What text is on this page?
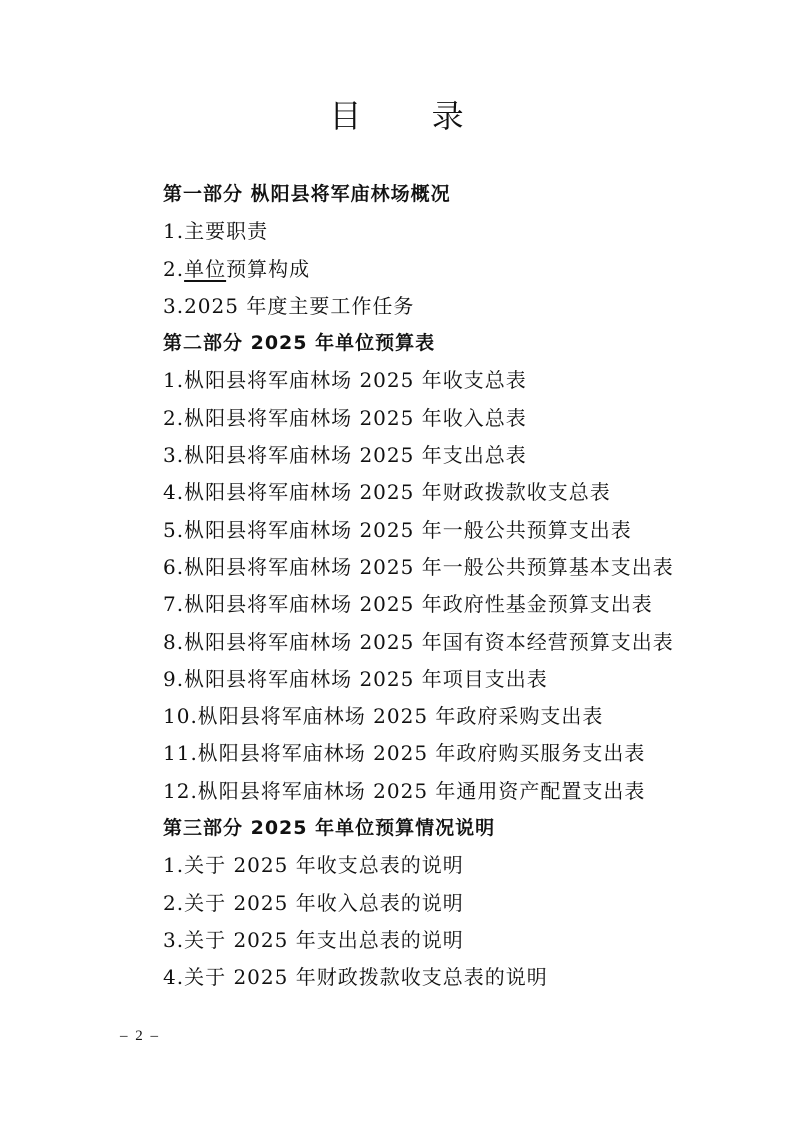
目 录
第一部分 枞阳县将军庙林场概况
1.主要职责
2.单位预算构成
3.2025 年度主要工作任务
第二部分 2025 年单位预算表
1.枞阳县将军庙林场 2025 年收支总表
2.枞阳县将军庙林场 2025 年收入总表
3.枞阳县将军庙林场 2025 年支出总表
4.枞阳县将军庙林场 2025 年财政拨款收支总表
5.枞阳县将军庙林场 2025 年一般公共预算支出表
6.枞阳县将军庙林场 2025 年一般公共预算基本支出表
7.枞阳县将军庙林场 2025 年政府性基金预算支出表
8.枞阳县将军庙林场 2025 年国有资本经营预算支出表
9.枞阳县将军庙林场 2025 年项目支出表
10.枞阳县将军庙林场 2025 年政府采购支出表
11.枞阳县将军庙林场 2025 年政府购买服务支出表
12.枞阳县将军庙林场 2025 年通用资产配置支出表
第三部分 2025 年单位预算情况说明
1.关于 2025 年收支总表的说明
2.关于 2025 年收入总表的说明
3.关于 2025 年支出总表的说明
4.关于 2025 年财政拨款收支总表的说明
– 2 –
